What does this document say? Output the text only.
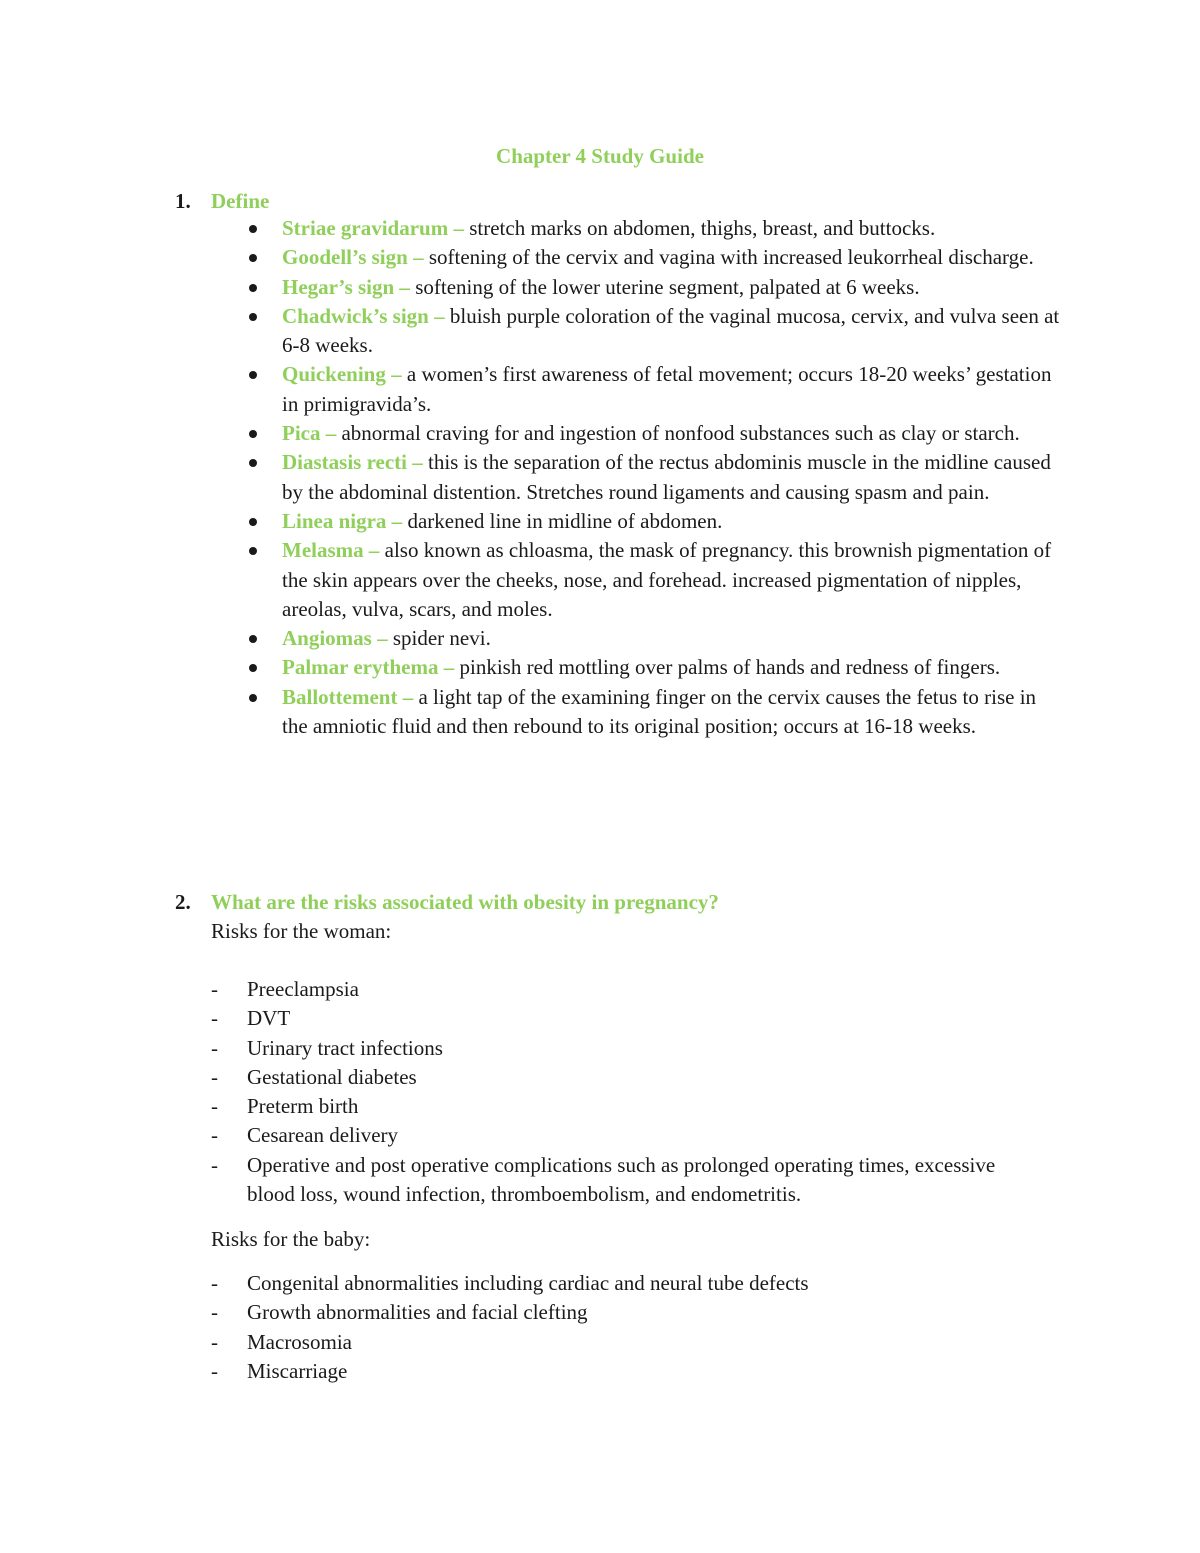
Chapter 4 Study Guide
1. Define
Striae gravidarum – stretch marks on abdomen, thighs, breast, and buttocks.
Goodell’s sign – softening of the cervix and vagina with increased leukorrheal discharge.
Hegar’s sign – softening of the lower uterine segment, palpated at 6 weeks.
Chadwick’s sign – bluish purple coloration of the vaginal mucosa, cervix, and vulva seen at 6-8 weeks.
Quickening – a women’s first awareness of fetal movement; occurs 18-20 weeks’ gestation in primigravida’s.
Pica – abnormal craving for and ingestion of nonfood substances such as clay or starch.
Diastasis recti – this is the separation of the rectus abdominis muscle in the midline caused by the abdominal distention. Stretches round ligaments and causing spasm and pain.
Linea nigra – darkened line in midline of abdomen.
Melasma – also known as chloasma, the mask of pregnancy. this brownish pigmentation of the skin appears over the cheeks, nose, and forehead. increased pigmentation of nipples, areolas, vulva, scars, and moles.
Angiomas – spider nevi.
Palmar erythema – pinkish red mottling over palms of hands and redness of fingers.
Ballottement – a light tap of the examining finger on the cervix causes the fetus to rise in the amniotic fluid and then rebound to its original position; occurs at 16-18 weeks.
2. What are the risks associated with obesity in pregnancy?
Risks for the woman:
- Preeclampsia
- DVT
- Urinary tract infections
- Gestational diabetes
- Preterm birth
- Cesarean delivery
- Operative and post operative complications such as prolonged operating times, excessive blood loss, wound infection, thromboembolism, and endometritis.
Risks for the baby:
- Congenital abnormalities including cardiac and neural tube defects
- Growth abnormalities and facial clefting
- Macrosomia
- Miscarriage
